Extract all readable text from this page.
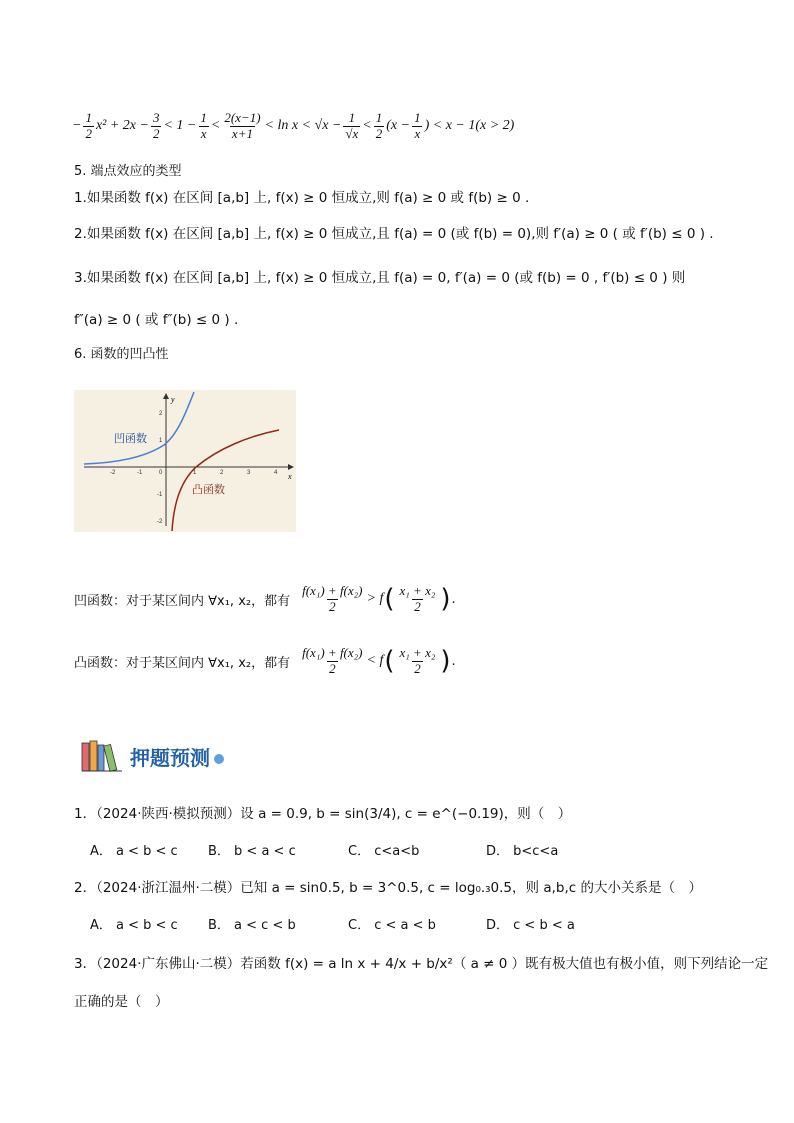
− $\frac{1}{2} x^2 + 2x - \frac{3}{2} < 1 - \frac{1}{x} < \frac{2(x-1)}{x+1} < \ln x < √x - \frac{1}{√x} < \frac{1}{2} (x - \frac{1}{x}$ ) < x − 1(x > 2)
5. 端点效应的类型
1.如果函数 f(x) 在区间 [a,b] 上, f(x) ≥ 0 恒成立,则 f(a) ≥ 0 或 f(b) ≥ 0 .
2.如果函数 f(x) 在区间 [a,b] 上, f(x) ≥ 0 恒成立,且 f(a) = 0 (或 f(b) = 0),则 f′(a) ≥ 0 ( 或 f′(b) ≤ 0 ) .
3.如果函数 f(x) 在区间 [a,b] 上, f(x) ≥ 0 恒成立,且 f(a) = 0, f′(a) = 0 (或 f(b) = 0 , f′(b) ≤ 0 ) 则
f″(a) ≥ 0 ( 或 f″(b) ≤ 0 ) .
6. 函数的凹凸性
x
y
-2	-1	0	1	2	3	4
2
1
-1
-2
凹函数
凸函数
凹函数：对于某区间内 ∀x₁, x₂，都有 $\frac{\text{f(x₁) + f(x₂)}}{2} > f$ ( $\frac{\text{x₁ + x₂}}{2}$ ) .
凸函数：对于某区间内 ∀x₁, x₂，都有 $\frac{\text{f(x₁) + f(x₂)}}{2} < f$ ( $\frac{\text{x₁ + x₂}}{2}$ ) .
押题预测
1．（2024·陕西·模拟预测）设 a = 0.9, b = sin(3/4), c = e^(−0.19)，则（　）
A． a < b < c B． b < a < c	C． c<a<b	D． b<c<a
2．（2024·浙江温州·二模）已知 a = sin0.5, b = 3^0.5, c = log₀.₃0.5，则 a,b,c 的大小关系是（　）
A． a < b < c B． a < c < b	C． c < a < b	D． c < b < a
3．（2024·广东佛山·二模）若函数 f(x) = a ln x + 4/x + b/x²（ a ≠ 0 ）既有极大值也有极小值，则下列结论一定
正确的是（　）
